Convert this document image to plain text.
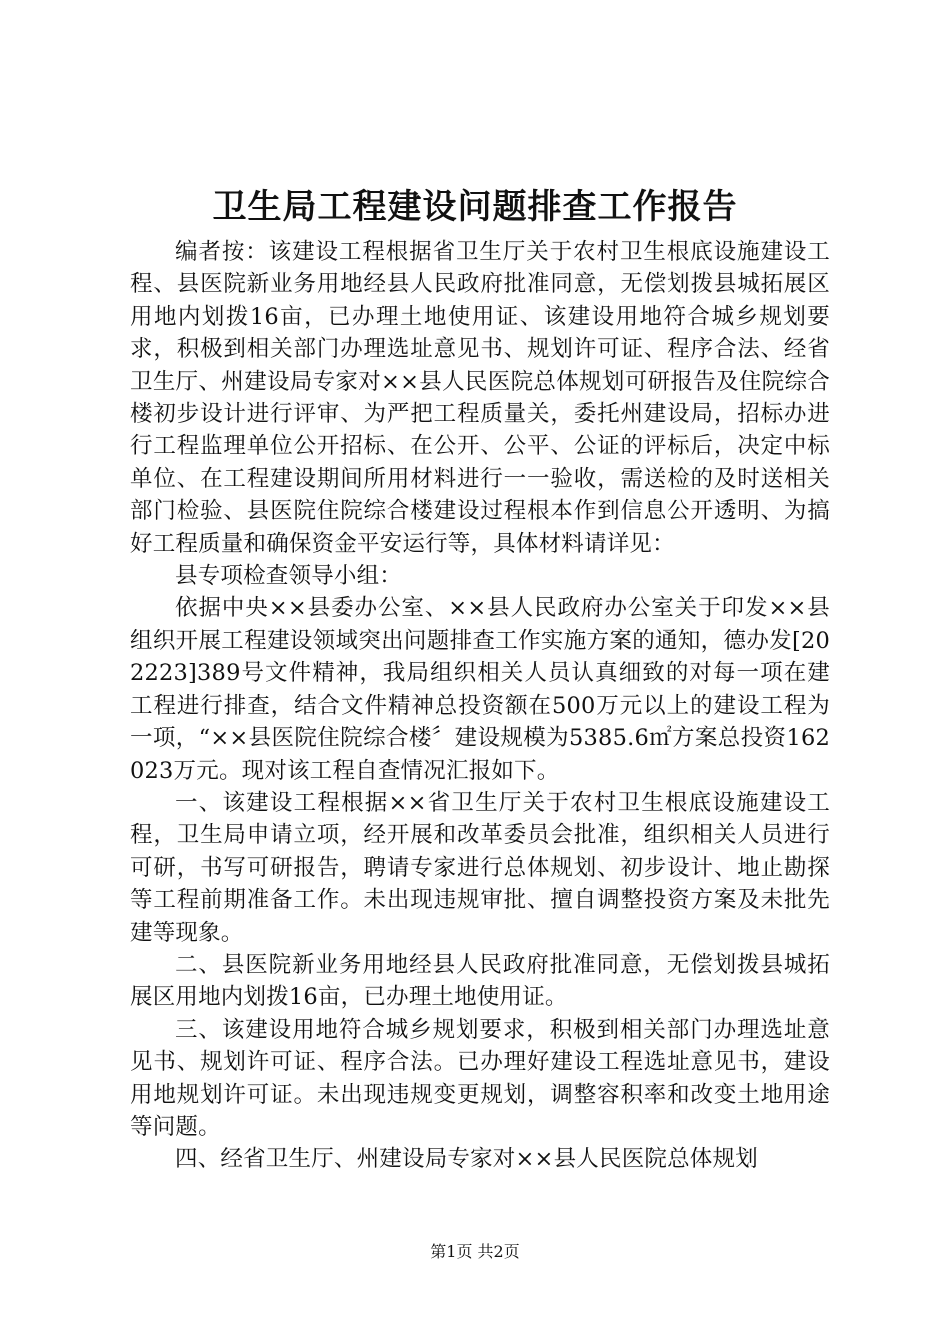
卫生局工程建设问题排查工作报告

编者按：该建设工程根据省卫生厅关于农村卫生根底设施建设工程、县医院新业务用地经县人民政府批准同意，无偿划拨县城拓展区用地内划拨16亩，已办理土地使用证、该建设用地符合城乡规划要求，积极到相关部门办理选址意见书、规划许可证、程序合法、经省卫生厅、州建设局专家对××县人民医院总体规划可研报告及住院综合楼初步设计进行评审、为严把工程质量关，委托州建设局，招标办进行工程监理单位公开招标、在公开、公平、公证的评标后，决定中标单位、在工程建设期间所用材料进行一一验收，需送检的及时送相关部门检验、县医院住院综合楼建设过程根本作到信息公开透明、为搞好工程质量和确保资金平安运行等，具体材料请详见：

县专项检查领导小组：

依据中央××县委办公室、××县人民政府办公室关于印发××县组织开展工程建设领域突出问题排查工作实施方案的通知，德办发[202223]389号文件精神，我局组织相关人员认真细致的对每一项在建工程进行排查，结合文件精神总投资额在500万元以上的建设工程为一项，“××县医院住院综合楼〞建设规模为5385.6㎡方案总投资162023万元。现对该工程自查情况汇报如下。

一、该建设工程根据××省卫生厅关于农村卫生根底设施建设工程，卫生局申请立项，经开展和改革委员会批准，组织相关人员进行可研，书写可研报告，聘请专家进行总体规划、初步设计、地止勘探等工程前期准备工作。未出现违规审批、擅自调整投资方案及未批先建等现象。

二、县医院新业务用地经县人民政府批准同意，无偿划拨县城拓展区用地内划拨16亩，已办理土地使用证。

三、该建设用地符合城乡规划要求，积极到相关部门办理选址意见书、规划许可证、程序合法。已办理好建设工程选址意见书，建设用地规划许可证。未出现违规变更规划，调整容积率和改变土地用途等问题。

四、经省卫生厅、州建设局专家对××县人民医院总体规划

第1页 共2页
